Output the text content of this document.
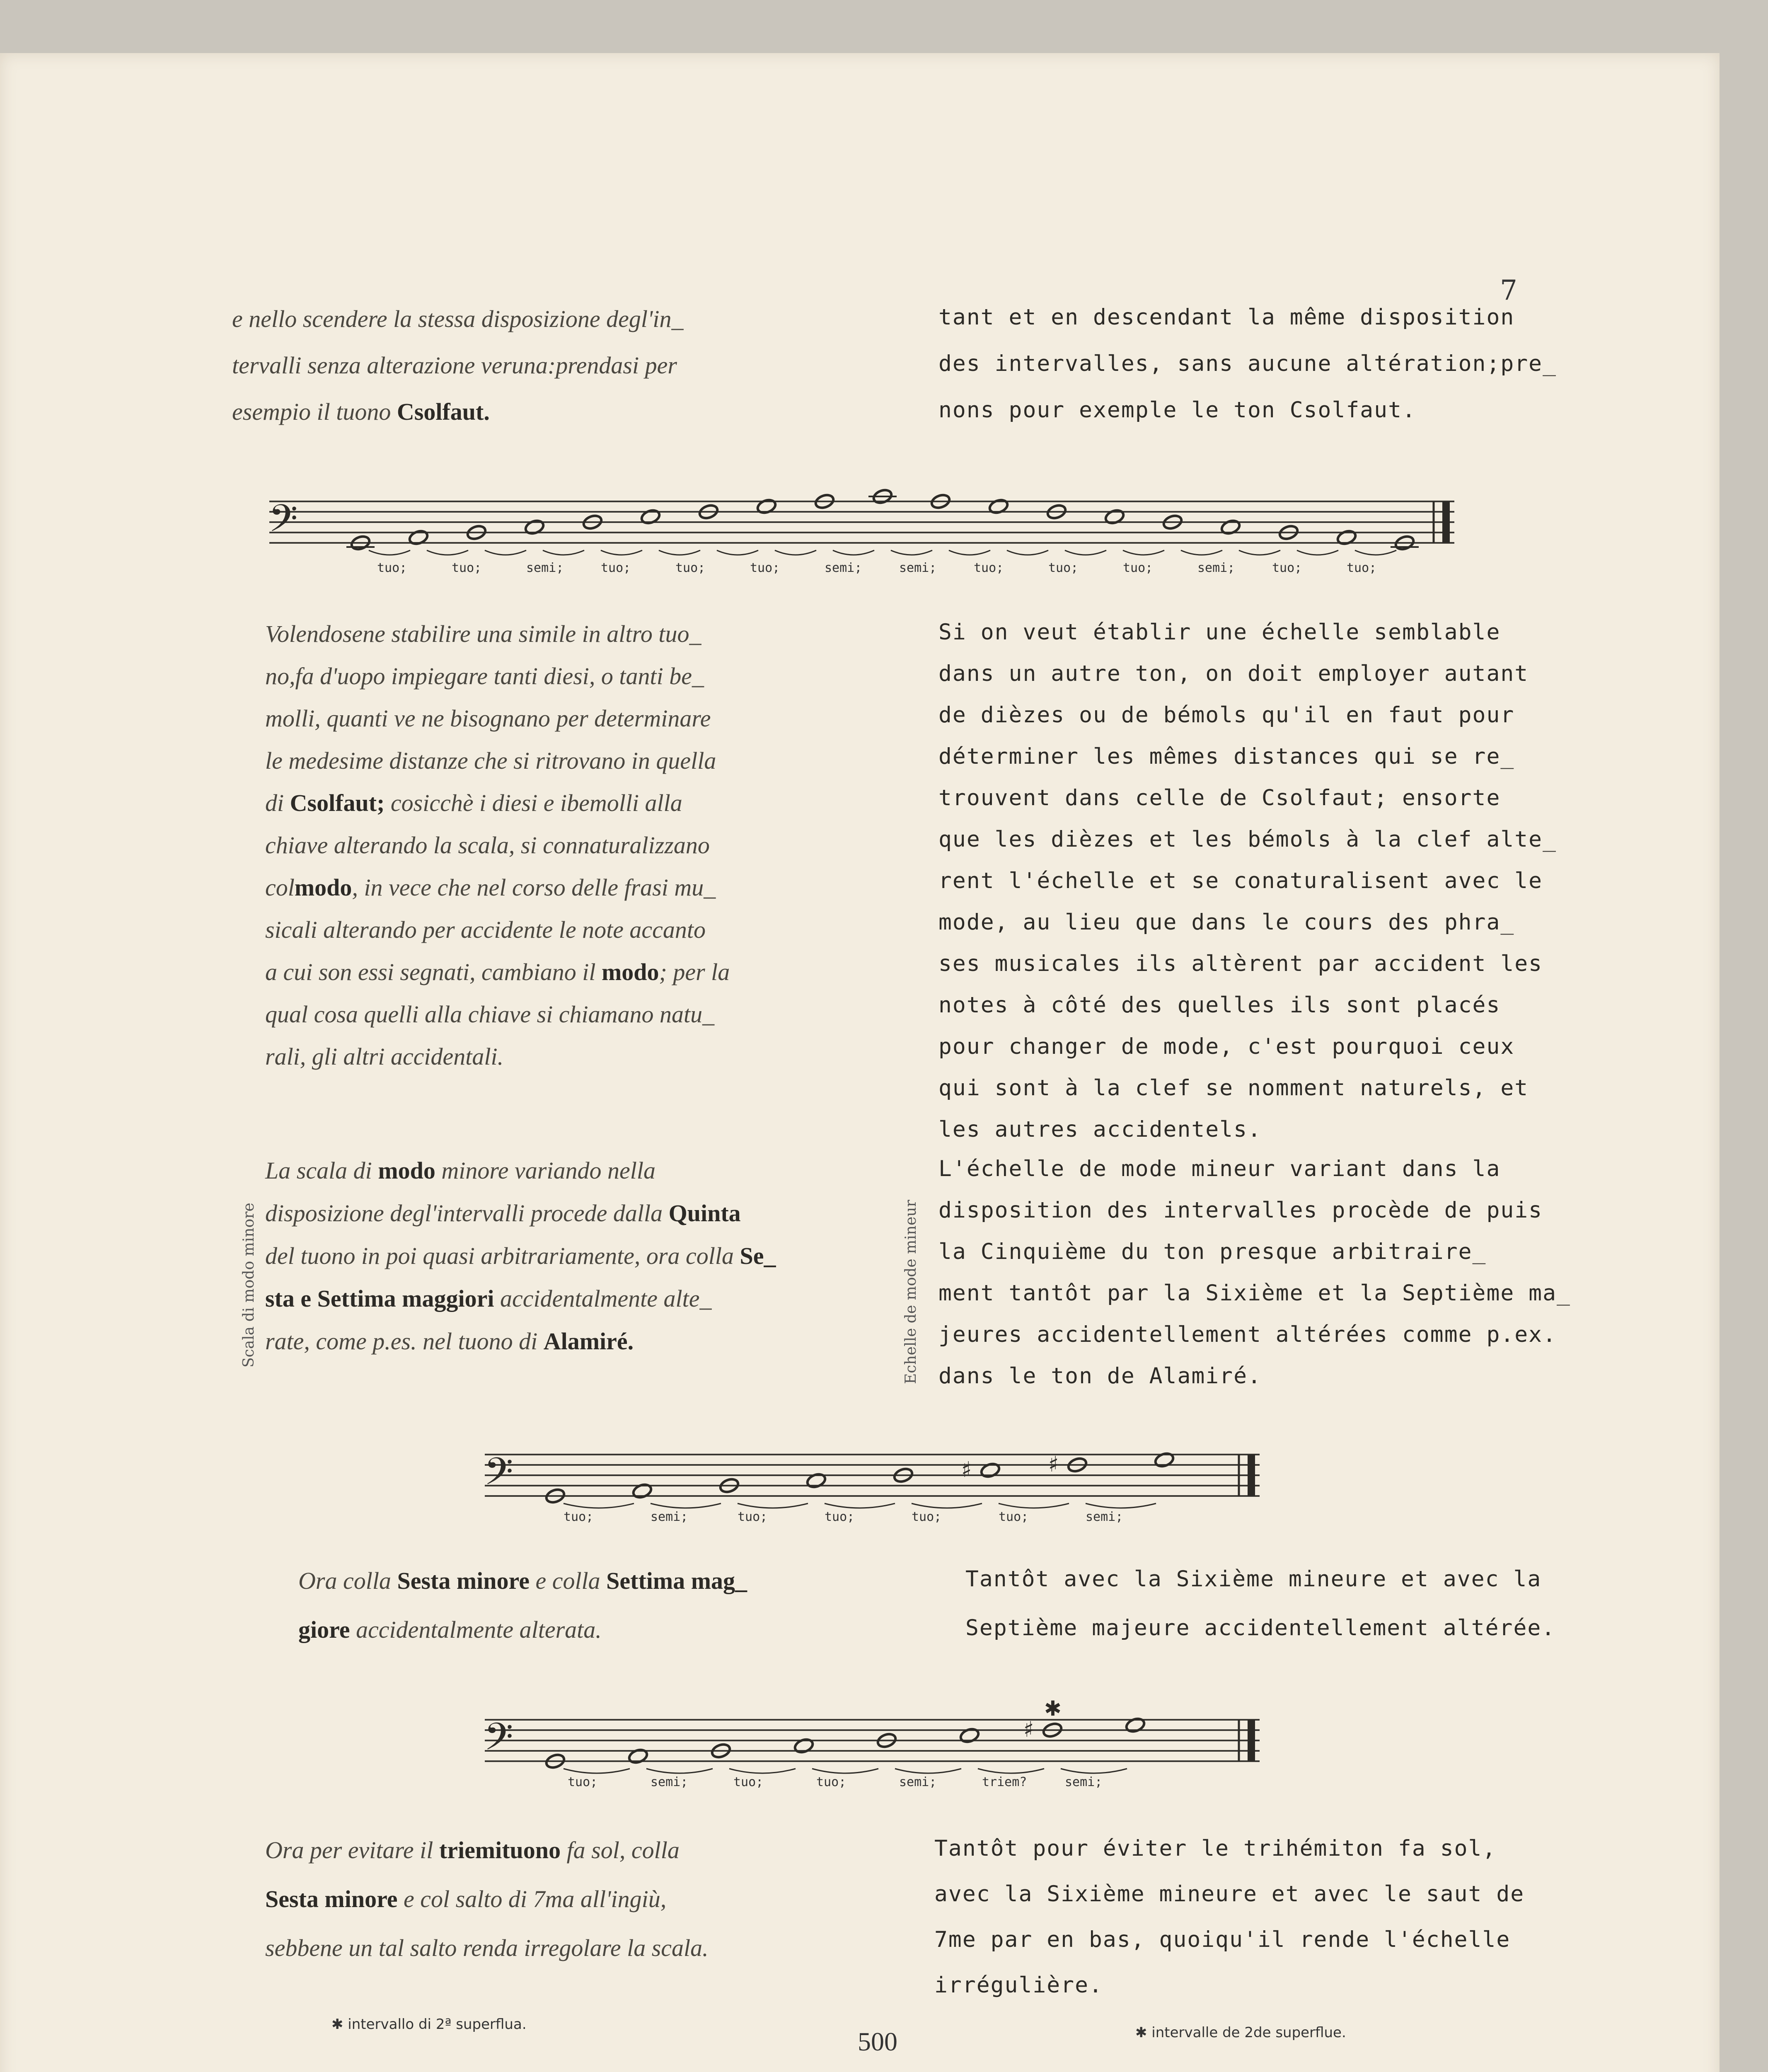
7
e nello scendere la stessa disposizione degl'in_
tervalli senza alterazione veruna:prendasi per
esempio il tuono Csolfaut.
tant et en descendant la même disposition
des intervalles, sans aucune altération;pre_
nons pour exemple le ton Csolfaut.
𝄢
tuo;	tuo;	semi;	tuo;	tuo;	tuo;	semi;	semi;	tuo;	tuo;	tuo;	semi;	tuo;	tuo;
Volendosene stabilire una simile in altro tuo_
no,fa d'uopo impiegare tanti diesi, o tanti be_
molli, quanti ve ne bisognano per determinare
le medesime distanze che si ritrovano in quella
di Csolfaut; cosicchè i diesi e ibemolli alla
chiave alterando la scala, si connaturalizzano
colmodo, in vece che nel corso delle frasi mu_
sicali alterando per accidente le note accanto
a cui son essi segnati, cambiano il modo; per la
qual cosa quelli alla chiave si chiamano natu_
rali, gli altri accidentali.
Si on veut établir une échelle semblable
dans un autre ton, on doit employer autant
de dièzes ou de bémols qu'il en faut pour
déterminer les mêmes distances qui se re_
trouvent dans celle de Csolfaut; ensorte
que les dièzes et les bémols à la clef alte_
rent l'échelle et se conaturalisent avec le
mode, au lieu que dans le cours des phra_
ses musicales ils altèrent par accident les
notes à côté des quelles ils sont placés
pour changer de mode, c'est pourquoi ceux
qui sont à la clef se nomment naturels, et
les autres accidentels.
Scala di modo minore	Echelle de mode mineur
La scala di modo minore variando nella
disposizione degl'intervalli procede dalla Quinta
del tuono in poi quasi arbitrariamente, ora colla Se_
sta e Settima maggiori accidentalmente alte_
rate, come p.es. nel tuono di Alamiré.
L'échelle de mode mineur variant dans la
disposition des intervalles procède de puis
la Cinquième du ton presque arbitraire_
ment tantôt par la Sixième et la Septième ma_
jeures accidentellement altérées comme p.ex.
dans le ton de Alamiré.
𝄢	♯	♯
tuo;	semi;	tuo;	tuo;	tuo;	tuo;	semi;
Ora colla Sesta minore e colla Settima mag_
giore accidentalmente alterata.
Tantôt avec la Sixième mineure et avec la
Septième majeure accidentellement altérée.
𝄢
✱
♯
tuo;	semi;	tuo;	tuo;	semi;	triem?	semi;
Ora per evitare il triemituono fa sol, colla
Sesta minore e col salto di 7ma all'ingiù,
sebbene un tal salto renda irregolare la scala.
Tantôt pour éviter le trihémiton fa sol,
avec la Sixième mineure et avec le saut de
7me par en bas, quoiqu'il rende l'échelle
irrégulière.
✱ intervallo di 2ª superflua.
500	✱ intervalle de 2de superflue.
